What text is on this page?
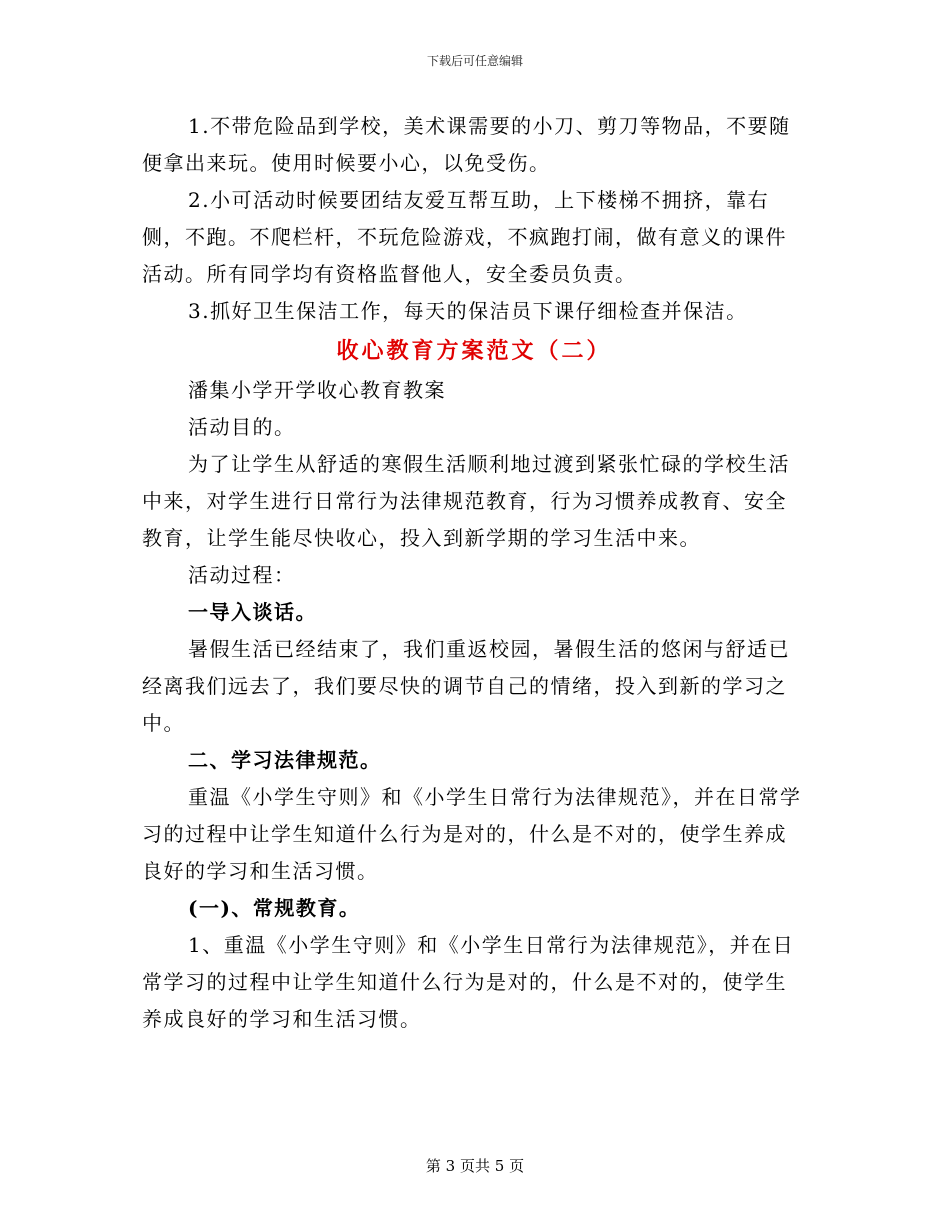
下载后可任意编辑

1.不带危险品到学校，美术课需要的小刀、剪刀等物品，不要随便拿出来玩。使用时候要小心，以免受伤。

2.小可活动时候要团结友爱互帮互助，上下楼梯不拥挤，靠右侧，不跑。不爬栏杆，不玩危险游戏，不疯跑打闹，做有意义的课件活动。所有同学均有资格监督他人，安全委员负责。

3.抓好卫生保洁工作，每天的保洁员下课仔细检查并保洁。

收心教育方案范文（二）

潘集小学开学收心教育教案

活动目的。

为了让学生从舒适的寒假生活顺利地过渡到紧张忙碌的学校生活中来，对学生进行日常行为法律规范教育，行为习惯养成教育、安全教育，让学生能尽快收心，投入到新学期的学习生活中来。

活动过程：

一导入谈话。

暑假生活已经结束了，我们重返校园，暑假生活的悠闲与舒适已经离我们远去了，我们要尽快的调节自己的情绪，投入到新的学习之中。

二、学习法律规范。

重温《小学生守则》和《小学生日常行为法律规范》，并在日常学习的过程中让学生知道什么行为是对的，什么是不对的，使学生养成良好的学习和生活习惯。

(一)、常规教育。

1、重温《小学生守则》和《小学生日常行为法律规范》，并在日常学习的过程中让学生知道什么行为是对的，什么是不对的，使学生养成良好的学习和生活习惯。

第 3 页共 5 页
